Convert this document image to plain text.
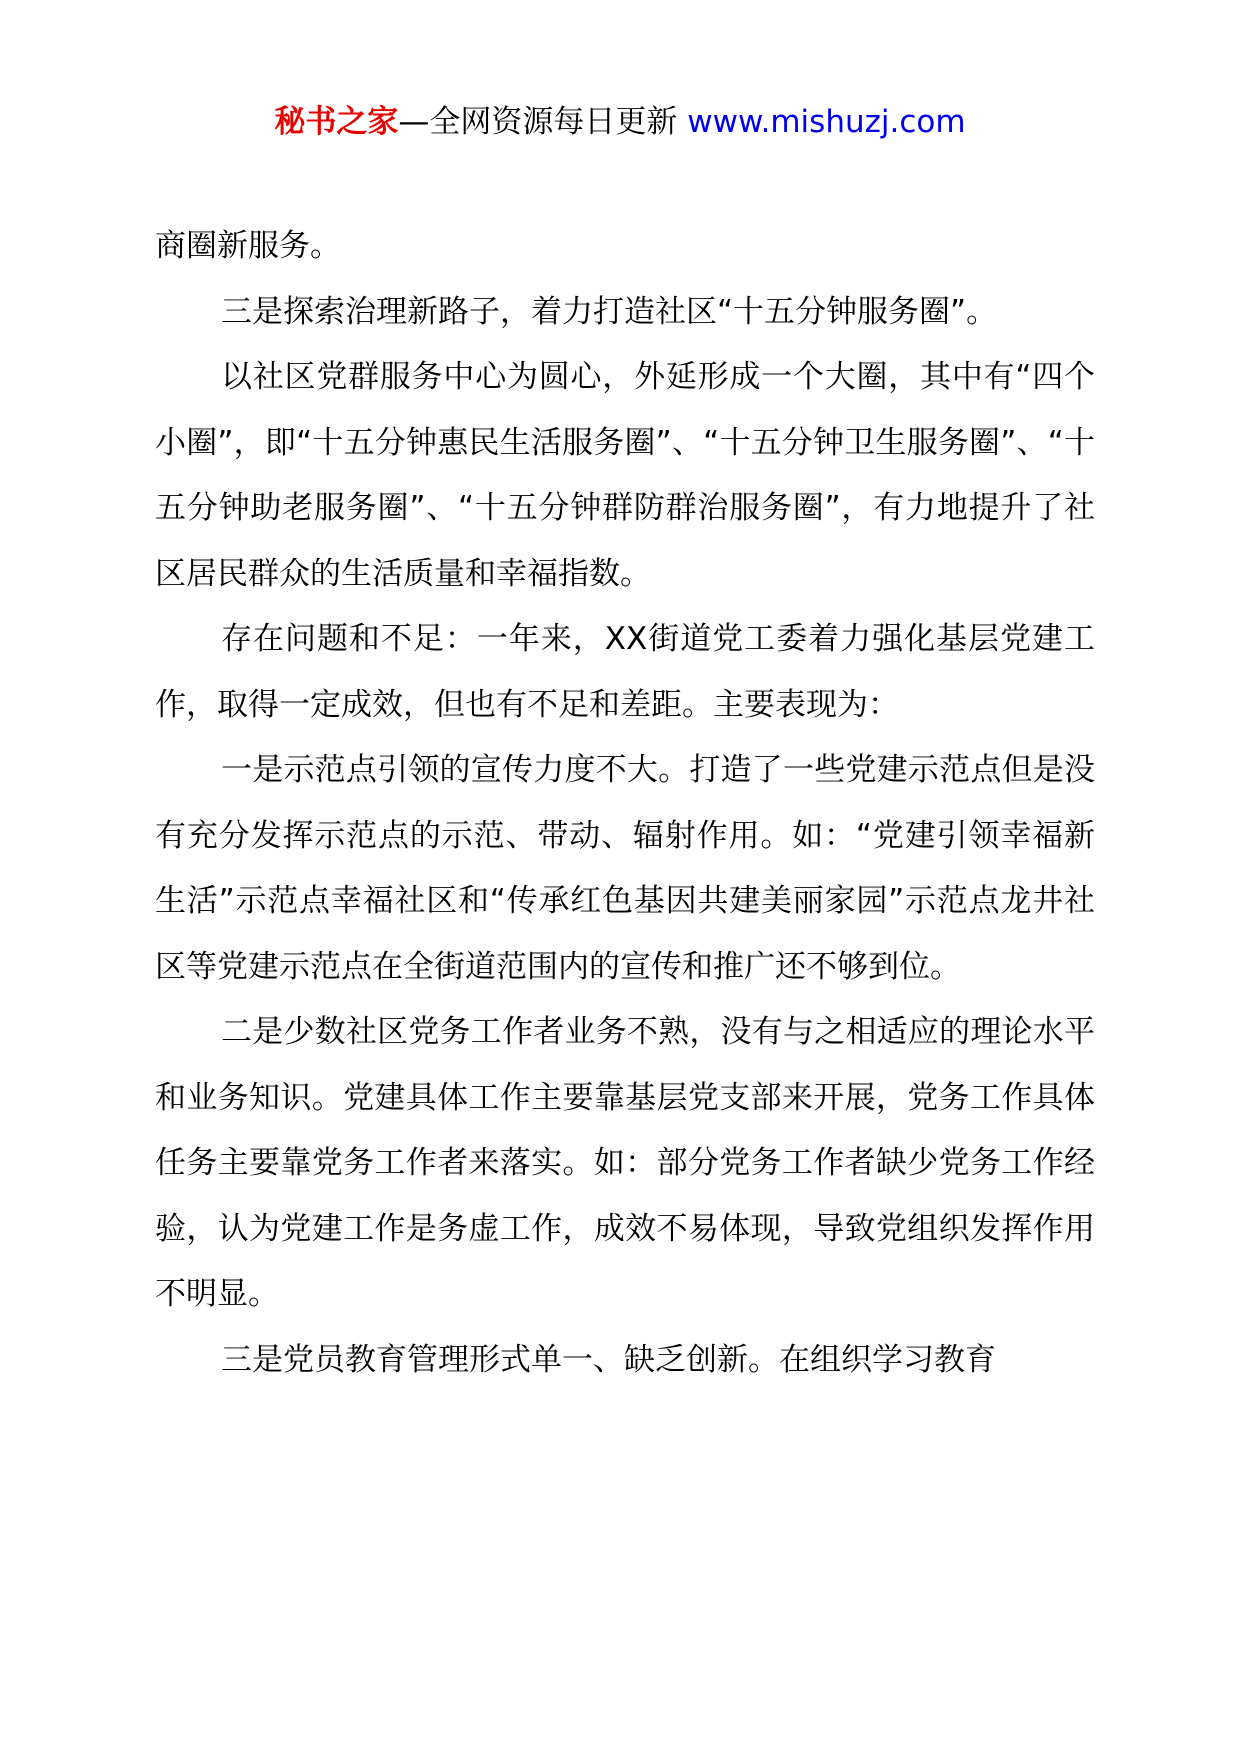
秘书之家—全网资源每日更新 www.mishuzj.com

商圈新服务。

三是探索治理新路子，着力打造社区“十五分钟服务圈”。

以社区党群服务中心为圆心，外延形成一个大圈，其中有“四个小圈”，即“十五分钟惠民生活服务圈”、“十五分钟卫生服务圈”、“十五分钟助老服务圈”、“十五分钟群防群治服务圈”，有力地提升了社区居民群众的生活质量和幸福指数。

存在问题和不足：一年来，XX街道党工委着力强化基层党建工作，取得一定成效，但也有不足和差距。主要表现为：

一是示范点引领的宣传力度不大。打造了一些党建示范点但是没有充分发挥示范点的示范、带动、辐射作用。如：“党建引领幸福新生活”示范点幸福社区和“传承红色基因共建美丽家园”示范点龙井社区等党建示范点在全街道范围内的宣传和推广还不够到位。

二是少数社区党务工作者业务不熟，没有与之相适应的理论水平和业务知识。党建具体工作主要靠基层党支部来开展，党务工作具体任务主要靠党务工作者来落实。如：部分党务工作者缺少党务工作经验，认为党建工作是务虚工作，成效不易体现，导致党组织发挥作用不明显。

三是党员教育管理形式单一、缺乏创新。在组织学习教育
